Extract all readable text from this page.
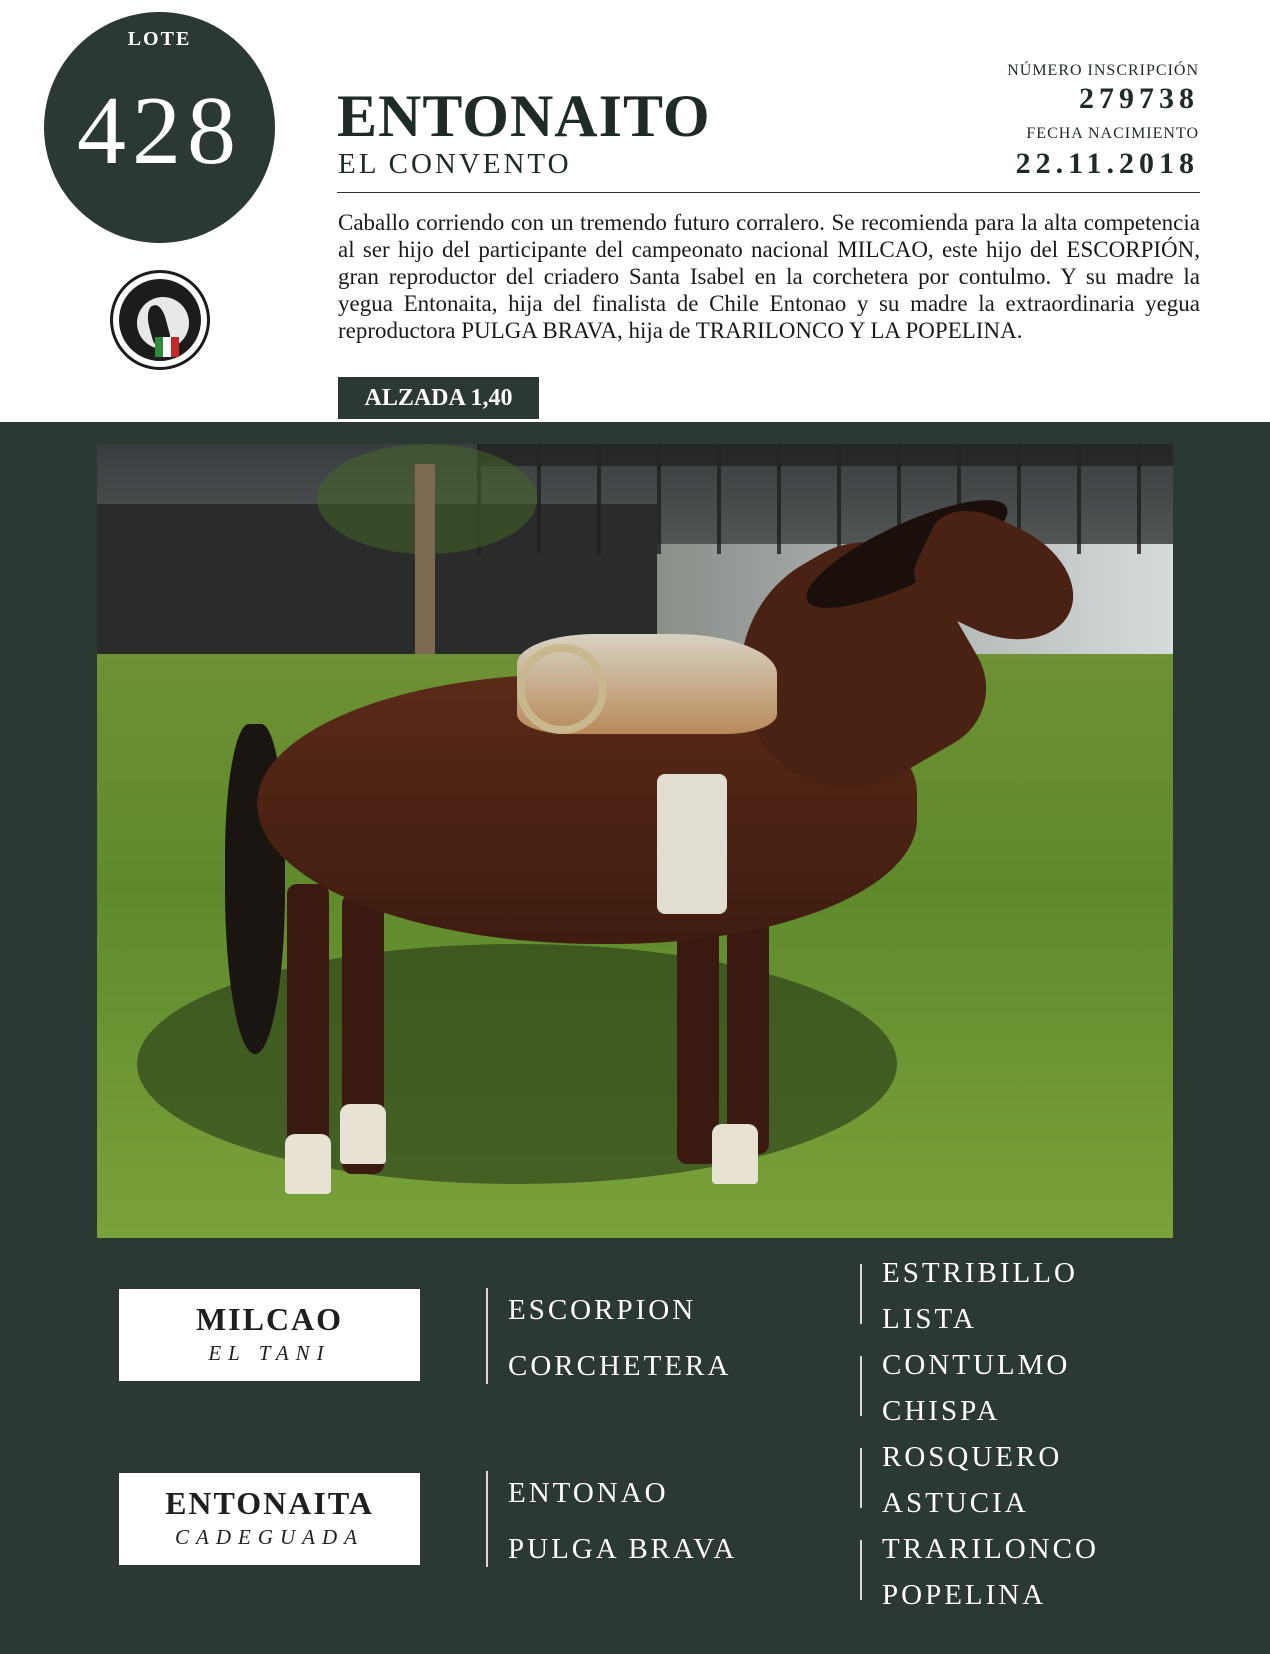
LOTE
428	ENTONAITO
EL CONVENTO
NÚMERO INSCRIPCIÓN
279738
FECHA NACIMIENTO
22.11.2018
Caballo corriendo con un tremendo futuro corralero. Se recomienda para la alta competencia al ser hijo del participante del campeonato nacional MILCAO, este hijo del ESCORPIÓN, gran reproductor del criadero Santa Isabel en la corchetera por contulmo. Y su madre la yegua Entonaita, hija del finalista de Chile Entonao y su madre la extraordinaria yegua reproductora PULGA BRAVA, hija de TRARILONCO Y LA POPELINA.
ALZADA 1,40
MILCAO
EL TANI
ENTONAITA
CADEGUADA
ESCORPION
CORCHETERA
ENTONAO
PULGA BRAVA
ESTRIBILLO
LISTA
CONTULMO
CHISPA
ROSQUERO
ASTUCIA
TRARILONCO
POPELINA
